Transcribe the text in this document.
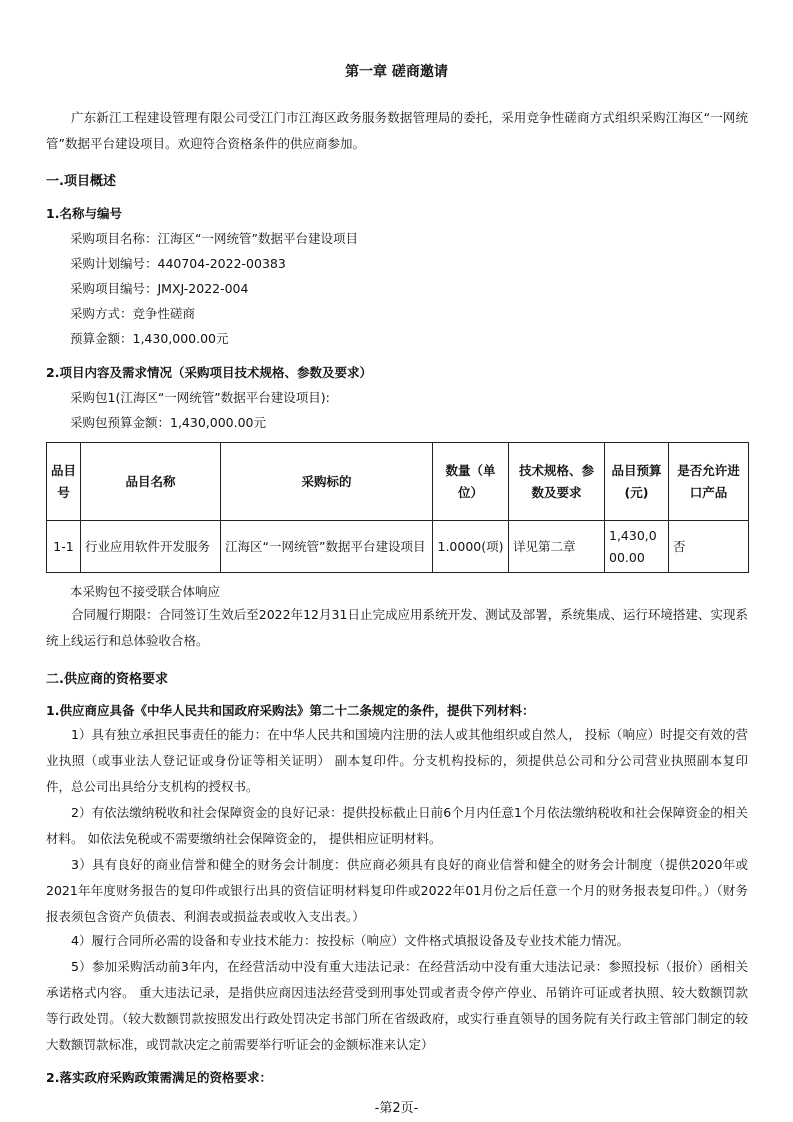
第一章 磋商邀请
广东新江工程建设管理有限公司受江门市江海区政务服务数据管理局的委托，采用竞争性磋商方式组织采购江海区“一网统管”数据平台建设项目。欢迎符合资格条件的供应商参加。
一.项目概述
1.名称与编号
采购项目名称：江海区“一网统管”数据平台建设项目
采购计划编号：440704-2022-00383
采购项目编号：JMXJ-2022-004
采购方式：竞争性磋商
预算金额：1,430,000.00元
2.项目内容及需求情况（采购项目技术规格、参数及要求）
采购包1(江海区“一网统管”数据平台建设项目):
采购包预算金额：1,430,000.00元
品目号	品目名称	采购标的	数量（单位）	技术规格、参数及要求	品目预算(元)	是否允许进口产品
1-1	行业应用软件开发服务	江海区“一网统管”数据平台建设项目	1.0000(项)	详见第二章	1,430,000.00	否
本采购包不接受联合体响应
合同履行期限：合同签订生效后至2022年12月31日止完成应用系统开发、测试及部署，系统集成、运行环境搭建、实现系统上线运行和总体验收合格。
二.供应商的资格要求
1.供应商应具备《中华人民共和国政府采购法》第二十二条规定的条件，提供下列材料：
1）具有独立承担民事责任的能力：在中华人民共和国境内注册的法人或其他组织或自然人， 投标（响应）时提交有效的营业执照（或事业法人登记证或身份证等相关证明） 副本复印件。分支机构投标的，须提供总公司和分公司营业执照副本复印件，总公司出具给分支机构的授权书。
2）有依法缴纳税收和社会保障资金的良好记录：提供投标截止日前6个月内任意1个月依法缴纳税收和社会保障资金的相关材料。 如依法免税或不需要缴纳社会保障资金的， 提供相应证明材料。
3）具有良好的商业信誉和健全的财务会计制度：供应商必须具有良好的商业信誉和健全的财务会计制度（提供2020年或2021年年度财务报告的复印件或银行出具的资信证明材料复印件或2022年01月份之后任意一个月的财务报表复印件。）（财务报表须包含资产负债表、利润表或损益表或收入支出表。）
4）履行合同所必需的设备和专业技术能力：按投标（响应）文件格式填报设备及专业技术能力情况。
5）参加采购活动前3年内，在经营活动中没有重大违法记录：在经营活动中没有重大违法记录：参照投标（报价）函相关承诺格式内容。 重大违法记录，是指供应商因违法经营受到刑事处罚或者责令停产停业、吊销许可证或者执照、较大数额罚款等行政处罚。（较大数额罚款按照发出行政处罚决定书部门所在省级政府，或实行垂直领导的国务院有关行政主管部门制定的较大数额罚款标准，或罚款决定之前需要举行听证会的金额标准来认定）
2.落实政府采购政策需满足的资格要求：
-第2页-
